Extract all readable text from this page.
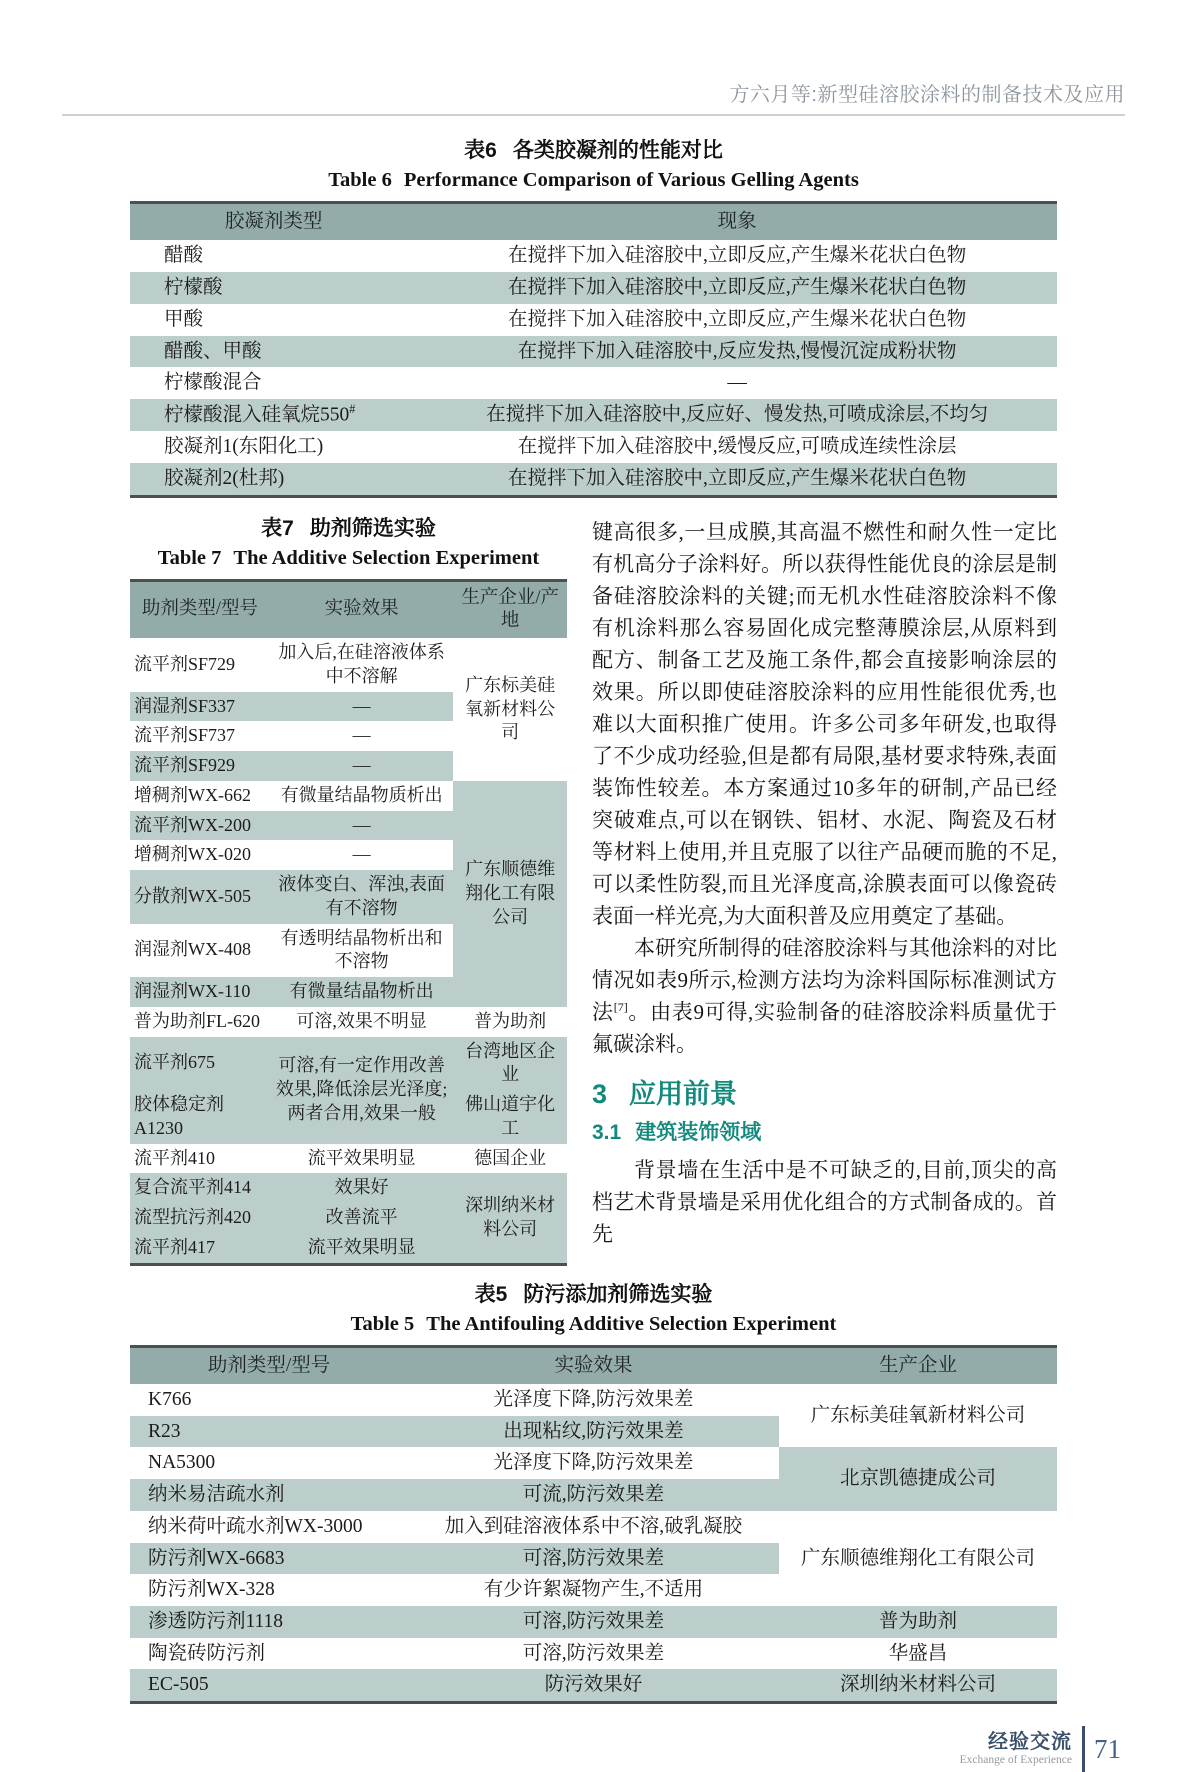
方六月等:新型硅溶胶涂料的制备技术及应用
表6 各类胶凝剂的性能对比
Table 6 Performance Comparison of Various Gelling Agents
胶凝剂类型	现象
醋酸	在搅拌下加入硅溶胶中,立即反应,产生爆米花状白色物
柠檬酸	在搅拌下加入硅溶胶中,立即反应,产生爆米花状白色物
甲酸	在搅拌下加入硅溶胶中,立即反应,产生爆米花状白色物
醋酸、甲酸	在搅拌下加入硅溶胶中,反应发热,慢慢沉淀成粉状物
柠檬酸混合	—
柠檬酸混入硅氧烷550#	在搅拌下加入硅溶胶中,反应好、慢发热,可喷成涂层,不均匀
胶凝剂1(东阳化工)	在搅拌下加入硅溶胶中,缓慢反应,可喷成连续性涂层
胶凝剂2(杜邦)	在搅拌下加入硅溶胶中,立即反应,产生爆米花状白色物
表7 助剂筛选实验
Table 7 The Additive Selection Experiment
助剂类型/型号	实验效果	生产企业/产地
流平剂SF729	加入后,在硅溶液体系中不溶解	广东标美硅氧新材料公司
润湿剂SF337	—	
流平剂SF737	—	
流平剂SF929	—	
增稠剂WX-662	有微量结晶物质析出	广东顺德维翔化工有限公司
流平剂WX-200	—	
增稠剂WX-020	—	
分散剂WX-505	液体变白、浑浊,表面有不溶物	
润湿剂WX-408	有透明结晶物析出和不溶物	
润湿剂WX-110	有微量结晶物析出	
普为助剂FL-620	可溶,效果不明显	普为助剂
流平剂675	可溶,有一定作用改善效果,降低涂层光泽度;两者合用,效果一般	台湾地区企业
胶体稳定剂A1230		佛山道宇化工
流平剂410	流平效果明显	德国企业
复合流平剂414	效果好	深圳纳米材料公司
流型抗污剂420	改善流平	
流平剂417	流平效果明显	

键高很多,一旦成膜,其高温不燃性和耐久性一定比有机高分子涂料好。所以获得性能优良的涂层是制备硅溶胶涂料的关键;而无机水性硅溶胶涂料不像有机涂料那么容易固化成完整薄膜涂层,从原料到配方、制备工艺及施工条件,都会直接影响涂层的效果。所以即使硅溶胶涂料的应用性能很优秀,也难以大面积推广使用。许多公司多年研发,也取得了不少成功经验,但是都有局限,基材要求特殊,表面装饰性较差。本方案通过10多年的研制,产品已经突破难点,可以在钢铁、铝材、水泥、陶瓷及石材等材料上使用,并且克服了以往产品硬而脆的不足,可以柔性防裂,而且光泽度高,涂膜表面可以像瓷砖表面一样光亮,为大面积普及应用奠定了基础。

本研究所制得的硅溶胶涂料与其他涂料的对比情况如表9所示,检测方法均为涂料国际标准测试方法[7]。由表9可得,实验制备的硅溶胶涂料质量优于氟碳涂料。

3 应用前景
3.1 建筑装饰领域

背景墙在生活中是不可缺乏的,目前,顶尖的高档艺术背景墙是采用优化组合的方式制备成的。首先

表5 防污添加剂筛选实验
Table 5 The Antifouling Additive Selection Experiment
助剂类型/型号	实验效果	生产企业
K766	光泽度下降,防污效果差	广东标美硅氧新材料公司
R23	出现粘纹,防污效果差	
NA5300	光泽度下降,防污效果差	北京凯德捷成公司
纳米易洁疏水剂	可流,防污效果差	
纳米荷叶疏水剂WX-3000	加入到硅溶液体系中不溶,破乳凝胶	广东顺德维翔化工有限公司
防污剂WX-6683	可溶,防污效果差	
防污剂WX-328	有少许絮凝物产生,不适用	
渗透防污剂1118	可溶,防污效果差	普为助剂
陶瓷砖防污剂	可溶,防污效果差	华盛昌
EC-505	防污效果好	深圳纳米材料公司
经验交流
Exchange of Experience 71
